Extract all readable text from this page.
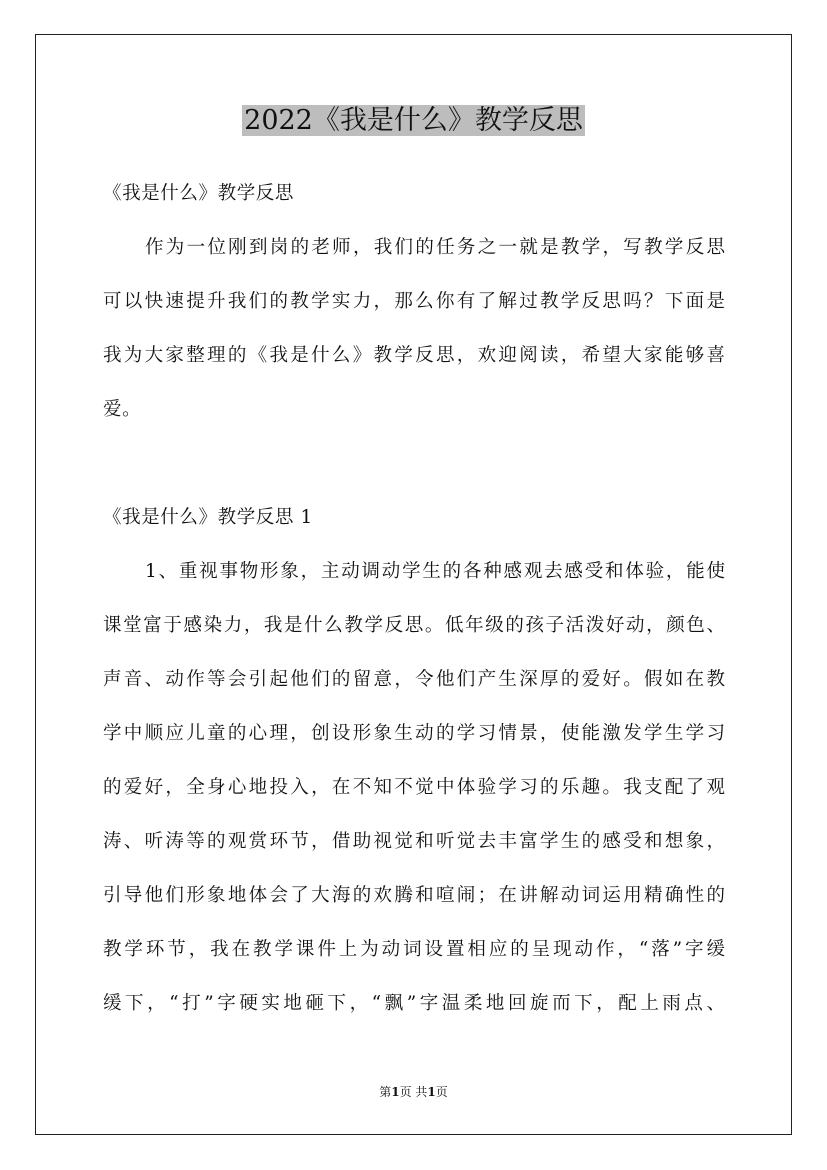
2022《我是什么》教学反思
《我是什么》教学反思
作为一位刚到岗的老师，我们的任务之一就是教学，写教学反思
可以快速提升我们的教学实力，那么你有了解过教学反思吗？下面是
我为大家整理的《我是什么》教学反思，欢迎阅读，希望大家能够喜
爱。
《我是什么》教学反思 1
1、重视事物形象，主动调动学生的各种感观去感受和体验，能使
课堂富于感染力，我是什么教学反思。低年级的孩子活泼好动，颜色、
声音、动作等会引起他们的留意，令他们产生深厚的爱好。假如在教
学中顺应儿童的心理，创设形象生动的学习情景，使能激发学生学习
的爱好，全身心地投入，在不知不觉中体验学习的乐趣。我支配了观
涛、听涛等的观赏环节，借助视觉和听觉去丰富学生的感受和想象，
引导他们形象地体会了大海的欢腾和喧闹；在讲解动词运用精确性的
教学环节，我在教学课件上为动词设置相应的呈现动作，“落”字缓
缓下，“打”字硬实地砸下，“飘”字温柔地回旋而下，配上雨点、
第1页 共1页
